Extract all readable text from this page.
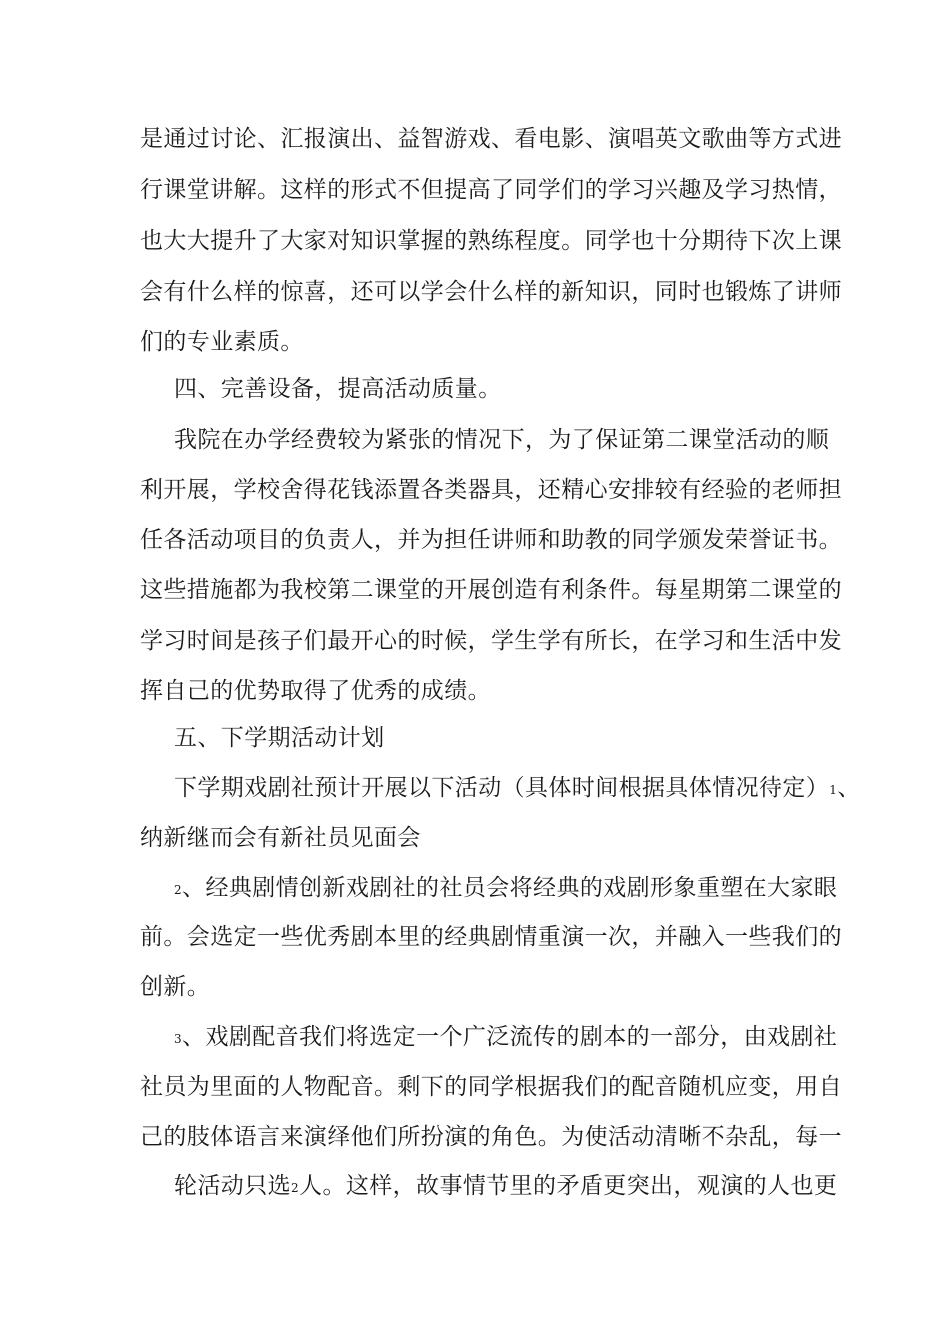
是通过讨论、汇报演出、益智游戏、看电影、演唱英文歌曲等方式进
行课堂讲解。这样的形式不但提高了同学们的学习兴趣及学习热情，
也大大提升了大家对知识掌握的熟练程度。同学也十分期待下次上课
会有什么样的惊喜，还可以学会什么样的新知识，同时也锻炼了讲师
们的专业素质。
四、完善设备，提高活动质量。
我院在办学经费较为紧张的情况下，为了保证第二课堂活动的顺
利开展，学校舍得花钱添置各类器具，还精心安排较有经验的老师担
任各活动项目的负责人，并为担任讲师和助教的同学颁发荣誉证书。
这些措施都为我校第二课堂的开展创造有利条件。每星期第二课堂的
学习时间是孩子们最开心的时候，学生学有所长，在学习和生活中发
挥自己的优势取得了优秀的成绩。
五、下学期活动计划
下学期戏剧社预计开展以下活动（具体时间根据具体情况待定）1、
纳新继而会有新社员见面会
2、经典剧情创新戏剧社的社员会将经典的戏剧形象重塑在大家眼
前。会选定一些优秀剧本里的经典剧情重演一次，并融入一些我们的
创新。
3、戏剧配音我们将选定一个广泛流传的剧本的一部分，由戏剧社
社员为里面的人物配音。剩下的同学根据我们的配音随机应变，用自
己的肢体语言来演绎他们所扮演的角色。为使活动清晰不杂乱，每一
轮活动只选2人。这样，故事情节里的矛盾更突出，观演的人也更
